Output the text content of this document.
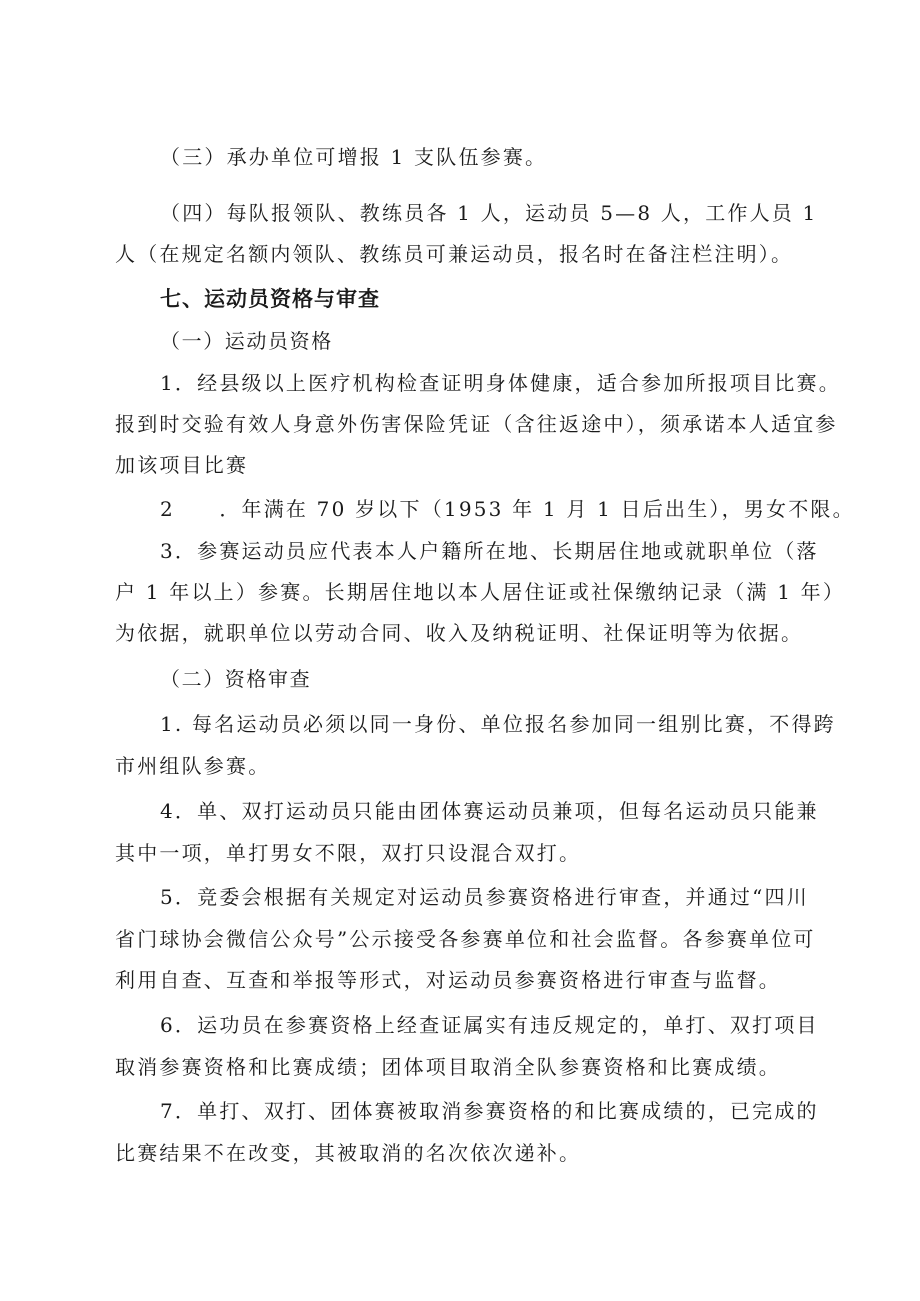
（三）承办单位可增报 1 支队伍参赛。
（四）每队报领队、教练员各 1 人，运动员 5—8 人，工作人员 1
人（在规定名额内领队、教练员可兼运动员，报名时在备注栏注明）。
七、运动员资格与审查
（一）运动员资格
1．经县级以上医疗机构检查证明身体健康，适合参加所报项目比赛。
报到时交验有效人身意外伤害保险凭证（含往返途中），须承诺本人适宜参
加该项目比赛
2　　．年满在 70 岁以下（1953 年 1 月 1 日后出生），男女不限。
3．参赛运动员应代表本人户籍所在地、长期居住地或就职单位（落
户 1 年以上）参赛。长期居住地以本人居住证或社保缴纳记录（满 1 年）
为依据，就职单位以劳动合同、收入及纳税证明、社保证明等为依据。
（二）资格审查
1. 每名运动员必须以同一身份、单位报名参加同一组别比赛，不得跨
市州组队参赛。
4．单、双打运动员只能由团体赛运动员兼项，但每名运动员只能兼
其中一项，单打男女不限，双打只设混合双打。
5．竞委会根据有关规定对运动员参赛资格进行审查，并通过“四川
省门球协会微信公众号”公示接受各参赛单位和社会监督。各参赛单位可
利用自查、互查和举报等形式，对运动员参赛资格进行审查与监督。
6．运功员在参赛资格上经查证属实有违反规定的，单打、双打项目
取消参赛资格和比赛成绩；团体项目取消全队参赛资格和比赛成绩。
7．单打、双打、团体赛被取消参赛资格的和比赛成绩的，已完成的
比赛结果不在改变，其被取消的名次依次递补。
